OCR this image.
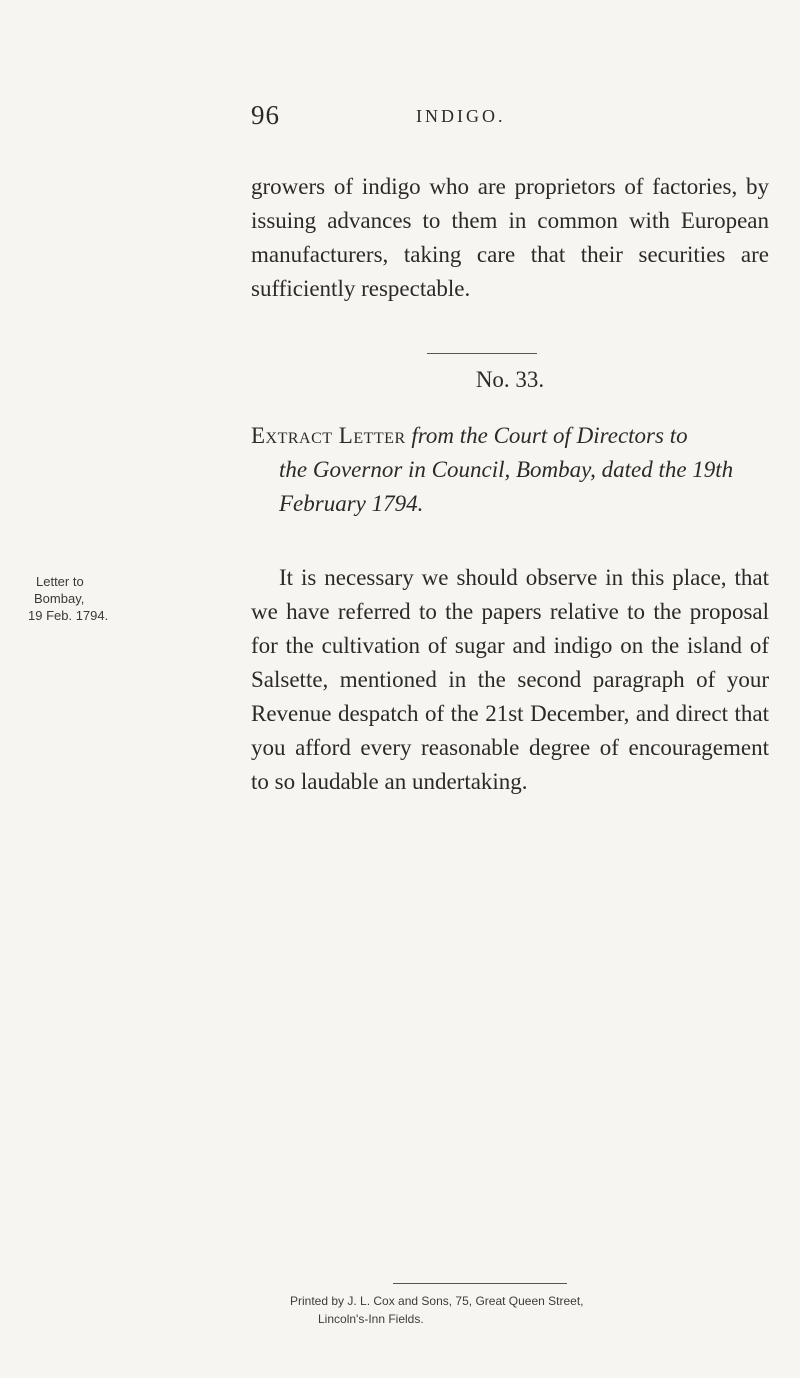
96	INDIGO.

growers of indigo who are proprietors of factories, by issuing advances to them in common with European manufacturers, taking care that their securities are sufficiently respectable.

No. 33.

Extract Letter from the Court of Directors to
the Governor in Council, Bombay, dated the 19th
February 1794.

Letter to
Bombay,
19 Feb. 1794.

It is necessary we should observe in this place, that we have referred to the papers relative to the proposal for the cultivation of sugar and indigo on the island of Salsette, mentioned in the second paragraph of your Revenue despatch of the 21st December, and direct that you afford every reasonable degree of encouragement to so laudable an undertaking.

Printed by J. L. Cox and Sons, 75, Great Queen Street,
Lincoln's-Inn Fields.
